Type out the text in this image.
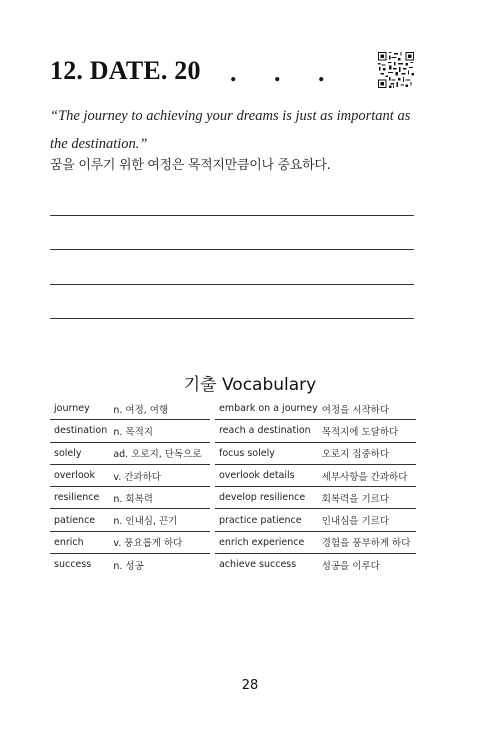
12. DATE. 20 . . .
“The journey to achieving your dreams is just as important as the destination.”
꿈을 이루기 위한 여정은 목적지만큼이나 중요하다.
기출 Vocabulary
journey	n. 여정, 여행		embark on a journey	여정을 시작하다
destination	n. 목적지		reach a destination	목적지에 도달하다
solely	ad. 오로지, 단독으로		focus solely	오로지 집중하다
overlook	v. 간과하다		overlook details	세부사항을 간과하다
resilience	n. 회복력		develop resilience	회복력을 기르다
patience	n. 인내심, 끈기		practice patience	인내심을 기르다
enrich	v. 풍요롭게 하다		enrich experience	경험을 풍부하게 하다
success	n. 성공		achieve success	성공을 이루다
28
